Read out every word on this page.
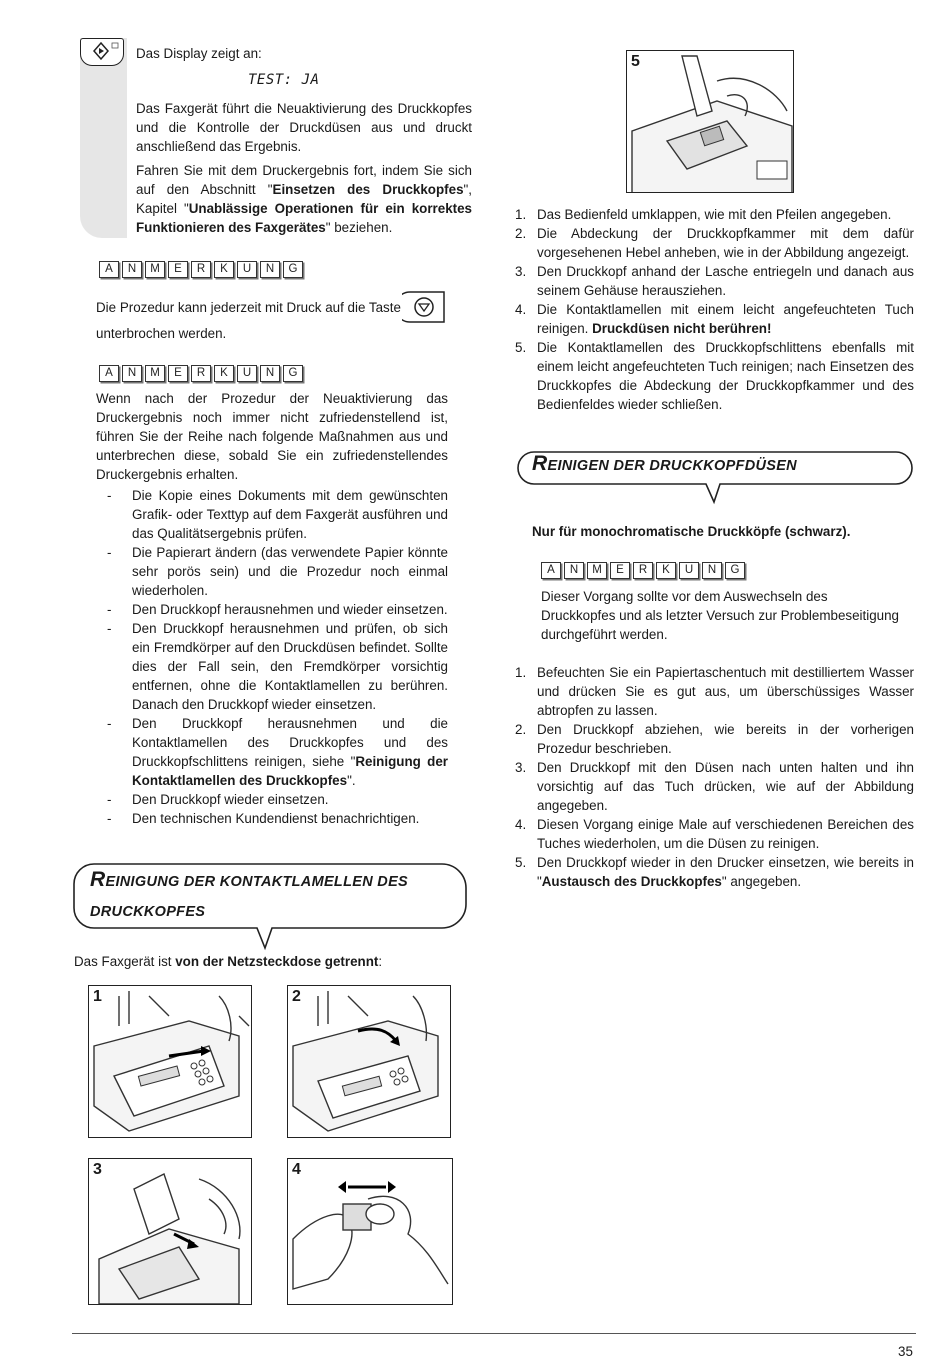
Das Display zeigt an:
TEST: JA
Das Faxgerät führt die Neuaktivierung des Druckkopfes und die Kontrolle der Druckdüsen aus und druckt anschließend das Ergebnis.
Fahren Sie mit dem Druckergebnis fort, indem Sie sich auf den Abschnitt "Einsetzen des Druckkopfes", Kapitel "Unablässige Operationen für ein korrektes Funktionieren des Faxgerätes" beziehen.
A	N	M	E	R	K	U	N	G
Die Prozedur kann jederzeit mit Druck auf die Taste
unterbrochen werden.
A	N	M	E	R	K	U	N	G
Wenn nach der Prozedur der Neuaktivierung das Druckergebnis noch immer nicht zufriedenstellend ist, führen Sie der Reihe nach folgende Maßnahmen aus und unterbrechen diese, sobald Sie ein zufriedenstellendes Druckergebnis erhalten.
-	Die Kopie eines Dokuments mit dem gewünschten Grafik- oder Texttyp auf dem Faxgerät ausführen und das Qualitätsergebnis prüfen.
-	Die Papierart ändern (das verwendete Papier könnte sehr porös sein) und die Prozedur noch einmal wiederholen.
-	Den Druckkopf herausnehmen und wieder einsetzen.
-	Den Druckkopf herausnehmen und prüfen, ob sich ein Fremdkörper auf den Druckdüsen befindet. Sollte dies der Fall sein, den Fremdkörper vorsichtig entfernen, ohne die Kontaktlamellen zu berühren. Danach den Druckkopf wieder einsetzen.
-	Den Druckkopf herausnehmen und die Kontaktlamellen des Druckkopfes und des Druckkopfschlittens reinigen, siehe "Reinigung der Kontaktlamellen des Druckkopfes".
-	Den Druckkopf wieder einsetzen.
-	Den technischen Kundendienst benachrichtigen.
REINIGUNG DER KONTAKTLAMELLEN DES
DRUCKKOPFES
Das Faxgerät ist von der Netzsteckdose getrennt:
1	2
3	4
5
1. Das Bedienfeld umklappen, wie mit den Pfeilen angegeben.
2. Die Abdeckung der Druckkopfkammer mit dem dafür vorgesehenen Hebel anheben, wie in der Abbildung angezeigt.
3. Den Druckkopf anhand der Lasche entriegeln und danach aus seinem Gehäuse herausziehen.
4. Die Kontaktlamellen mit einem leicht angefeuchteten Tuch reinigen. Druckdüsen nicht berühren!
5. Die Kontaktlamellen des Druckkopfschlittens ebenfalls mit einem leicht angefeuchteten Tuch reinigen; nach Einsetzen des Druckkopfes die Abdeckung der Druckkopfkammer und des Bedienfeldes wieder schließen.
REINIGEN DER DRUCKKOPFDÜSEN
Nur für monochromatische Druckköpfe (schwarz).
A	N	M	E	R	K	U	N	G
Dieser Vorgang sollte vor dem Auswechseln des Druckkopfes und als letzter Versuch zur Problembeseitigung durchgeführt werden.
1. Befeuchten Sie ein Papiertaschentuch mit destilliertem Wasser und drücken Sie es gut aus, um überschüssiges Wasser abtropfen zu lassen.
2. Den Druckkopf abziehen, wie bereits in der vorherigen Prozedur beschrieben.
3. Den Druckkopf mit den Düsen nach unten halten und ihn vorsichtig auf das Tuch drücken, wie auf der Abbildung angegeben.
4. Diesen Vorgang einige Male auf verschiedenen Bereichen des Tuches wiederholen, um die Düsen zu reinigen.
5. Den Druckkopf wieder in den Drucker einsetzen, wie bereits in "Austausch des Druckkopfes" angegeben.
35
